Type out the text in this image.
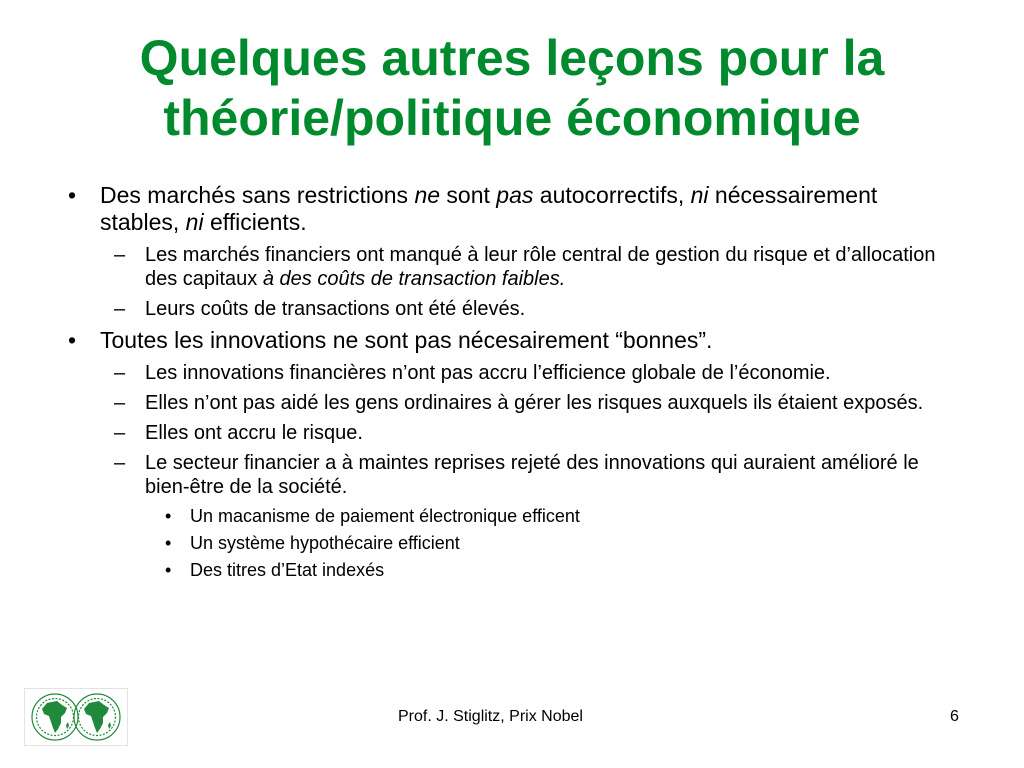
Quelques autres leçons pour la
théorie/politique économique
• Des marchés sans restrictions ne sont pas autocorrectifs, ni nécessairement stables, ni efficients.
– Les marchés financiers ont manqué à leur rôle central de gestion du risque et d’allocation des capitaux à des coûts de transaction faibles.
– Leurs coûts de transactions ont été élevés.
• Toutes les innovations ne sont pas nécesairement “bonnes”.
– Les innovations financières n’ont pas accru l’efficience globale de l’économie.
– Elles n’ont pas aidé les gens ordinaires à gérer les risques auxquels ils étaient exposés.
– Elles ont accru le risque.
– Le secteur financier a à maintes reprises rejeté des innovations qui auraient amélioré le bien-être de la société.
• Un macanisme de paiement électronique efficent
• Un système hypothécaire efficient
• Des titres d’Etat indexés
Prof. J. Stiglitz, Prix Nobel	6
